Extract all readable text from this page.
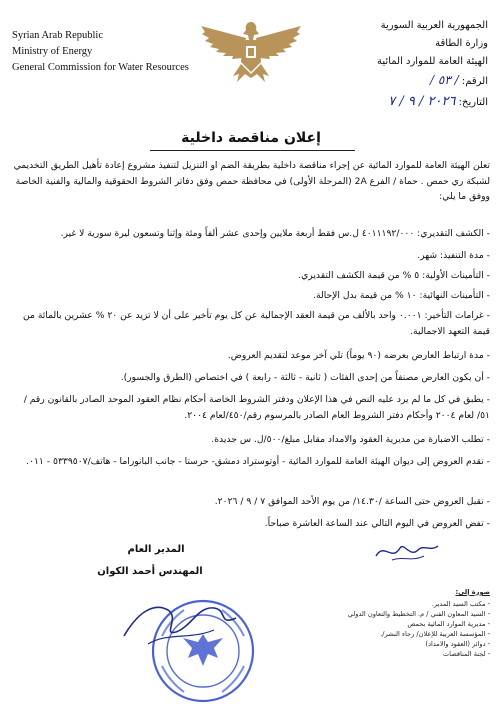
Syrian Arab Republic
Ministry of Energy
General Commission for Water Resources
الجمهورية العربية السورية
وزارة الطاقة
الهيئة العامة للموارد المائية
الرقم: / ٥٣ /
التاريخ: ٢٠٢٦ / ٩ / ٧
إعلان مناقصة داخلية
تعلن الهيئة العامة للموارد المائية عن إجراء مناقصة داخلية بطريقة الضم او التنزيل لتنفيذ مشروع إعادة تأهيل الطريق التخديمي لشبكة ري حمص . حماة / الفرع 2A (المرحلة الأولى) في محافظة حمص وفق دفاتر الشروط الحقوقية والمالية والفنية الخاصة ووفق ما يلي:
- الكشف التقديري: ٤٠١١١٩٢/٠٠٠ ل.س فقط أربعة ملايين وإحدى عشر ألفاً ومئة وإثنا وتسعون ليرة سورية لا غير.
- مدة التنفيذ: شهر.
- التأمينات الأولية: ٥ % من قيمة الكشف التقديري.
- التأمينات النهائية: ١٠ % من قيمة بدل الإحالة.
- غرامات التأخير: ٠.٠٠١ واحد بالألف من قيمة العقد الإجمالية عن كل يوم تأخير على أن لا تزيد عن ٢٠ % عشرين بالمائة من قيمة التعهد الاجمالية.
- مدة ارتباط العارض بعرضه (٩٠ يوماً) تلي آخر موعد لتقديم العروض.
- أن يكون العارض مصنفاً من إحدى الفئات ( ثانية - ثالثة - رابعة ) في اختصاص (الطرق والجسور).
- يطبق في كل ما لم يرد عليه النص في هذا الإعلان ودفتر الشروط الخاصة أحكام نظام العقود الموحد الصادر بالقانون رقم /٥١/ لعام ٢٠٠٤ وأحكام دفتر الشروط العام الصادر بالمرسوم رقم/٤٥٠/لعام ٢٠٠٤.
- تطلب الاضبارة من مديرية العقود والامداد مقابل مبلغ/٥٠٠/ل. س جديدة.
- تقدم العروض إلى ديوان الهيئة العامة للموارد المائية - أوتوستراد دمشق- حرستا - جانب البانوراما - هاتف/٥٣٣٩٥٠٧ - ٠١١.
- تقبل العروض حتى الساعة /١٤.٣٠/ من يوم الأحد الموافق ٧ / ٩ / ٢٠٢٦.
- تفض العروض في اليوم التالي عند الساعة العاشرة صباحاً.
المدير العام
المهندس أحمد الكوان
صورة إلى:
- مكتب السيد المدير.
- السيد المعاون الفني / م. التخطيط والتعاون الدولي
- مديرية الموارد المائية بحمص
- المؤسسة العربية للإعلان/ رجاء النشر/.
- دوائر (العقود والامداد)
- لجنة المناقصات
